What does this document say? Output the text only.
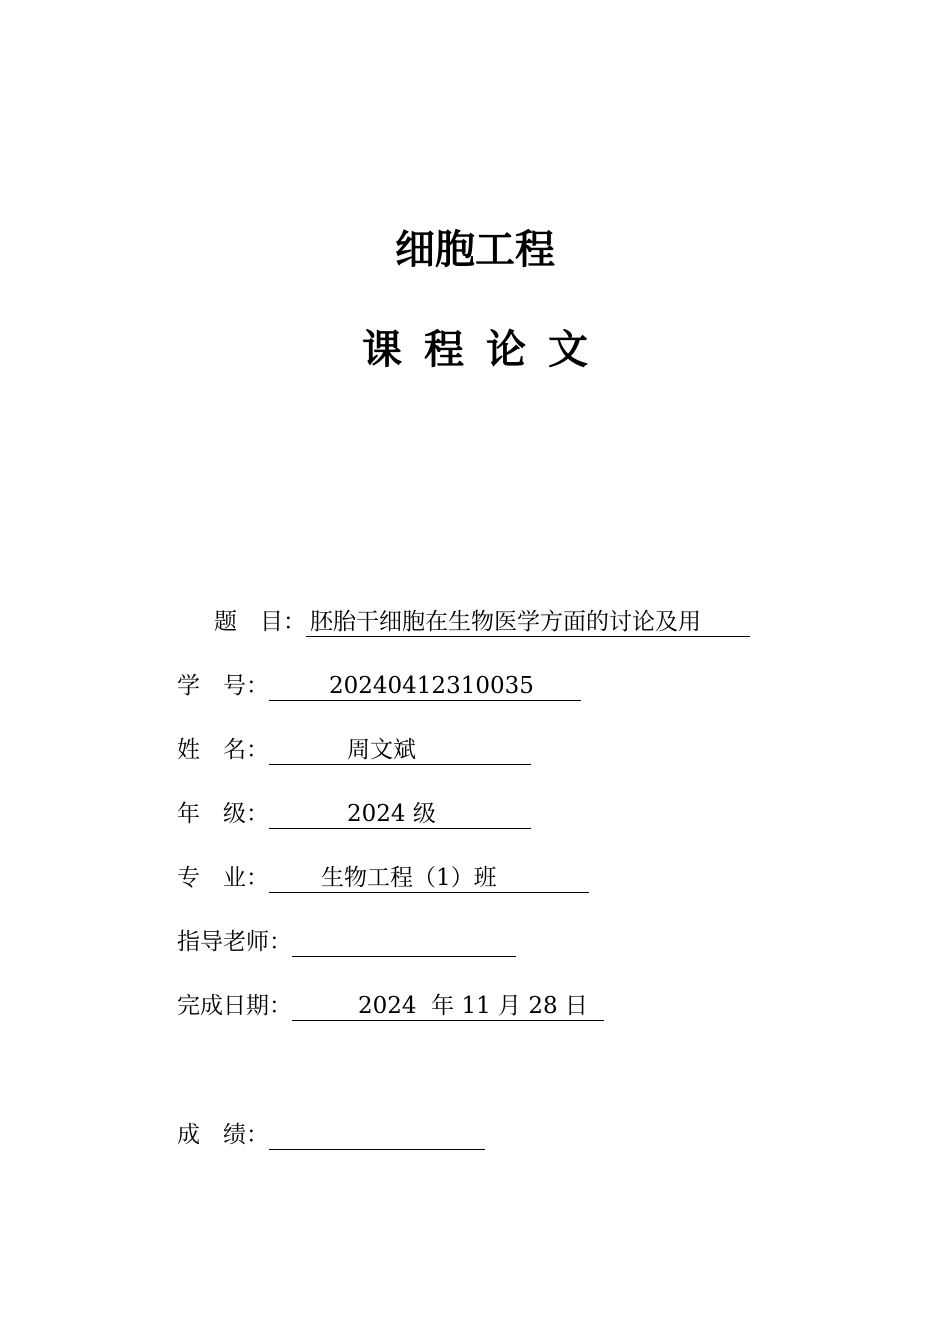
细胞工程
课程论文
题　目： 胚胎干细胞在生物医学方面的讨论及用
学　号：	20240412310035
姓　名：	周文斌
年　级：	2024 级
专　业： 生物工程（1）班
指导老师：
完成日期：	2024  年 11 月 28 日
成　绩：
